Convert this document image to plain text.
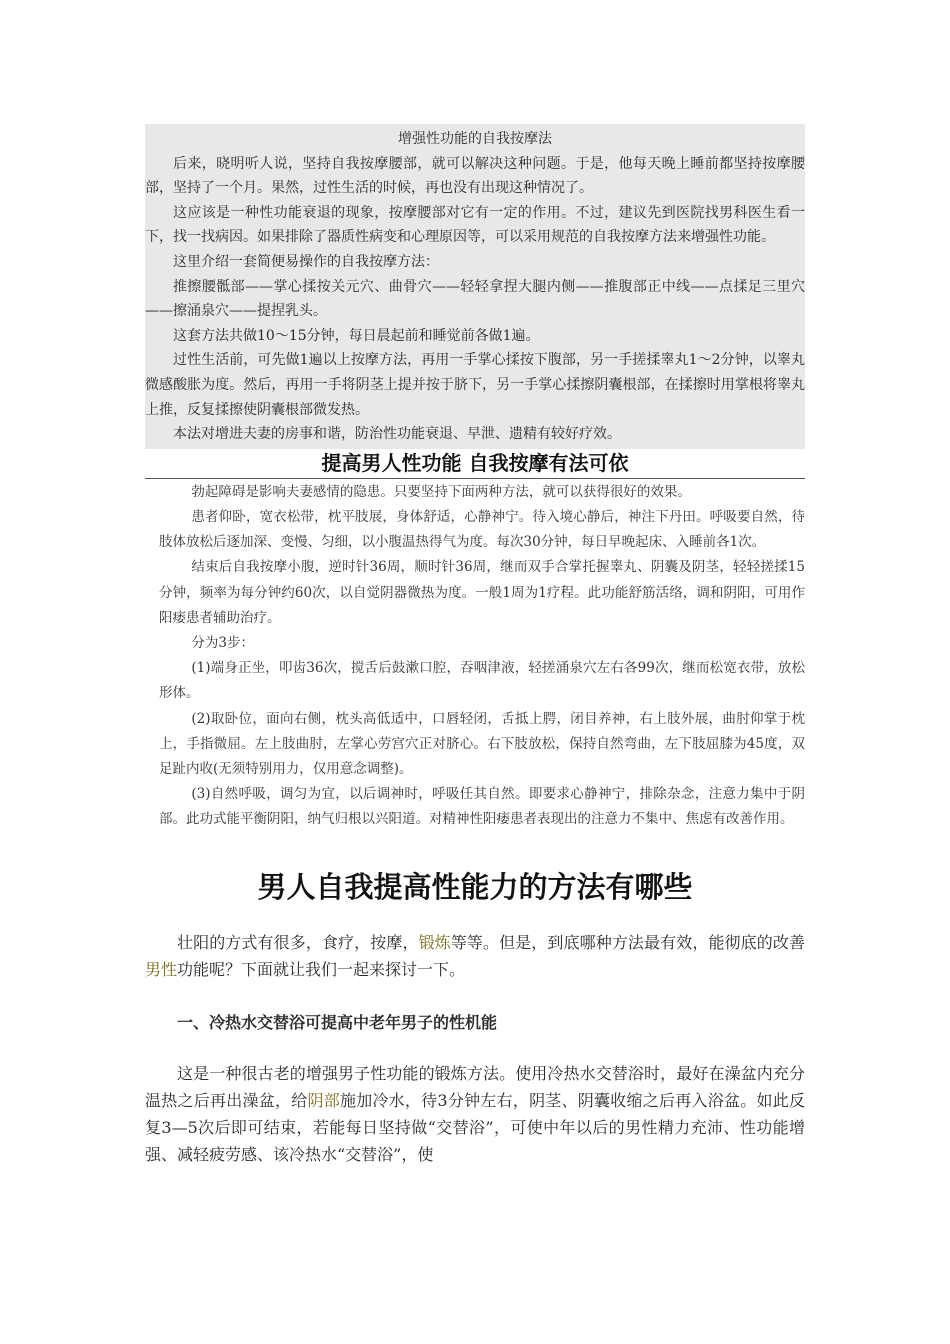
增强性功能的自我按摩法

后来，晓明听人说，坚持自我按摩腰部，就可以解决这种问题。于是，他每天晚上睡前都坚持按摩腰部，坚持了一个月。果然，过性生活的时候，再也没有出现这种情况了。

这应该是一种性功能衰退的现象，按摩腰部对它有一定的作用。不过，建议先到医院找男科医生看一下，找一找病因。如果排除了器质性病变和心理原因等，可以采用规范的自我按摩方法来增强性功能。

这里介绍一套简便易操作的自我按摩方法：

推擦腰骶部——掌心揉按关元穴、曲骨穴——轻轻拿捏大腿内侧——推腹部正中线——点揉足三里穴——擦涌泉穴——提捏乳头。

这套方法共做10～15分钟，每日晨起前和睡觉前各做1遍。

过性生活前，可先做1遍以上按摩方法，再用一手掌心揉按下腹部，另一手搓揉睾丸1～2分钟，以睾丸微感酸胀为度。然后，再用一手将阴茎上提并按于脐下，另一手掌心揉擦阴囊根部，在揉擦时用掌根将睾丸上推，反复揉擦使阴囊根部微发热。

本法对增进夫妻的房事和谐，防治性功能衰退、早泄、遗精有较好疗效。

提高男人性功能 自我按摩有法可依

勃起障碍是影响夫妻感情的隐患。只要坚持下面两种方法，就可以获得很好的效果。

患者仰卧，宽衣松带，枕平肢展，身体舒适，心静神宁。待入境心静后，神注下丹田。呼吸要自然，待肢体放松后逐加深、变慢、匀细，以小腹温热得气为度。每次30分钟，每日早晚起床、入睡前各1次。

结束后自我按摩小腹，逆时针36周，顺时针36周，继而双手合掌托握睾丸、阴囊及阴茎，轻轻搓揉15分钟，频率为每分钟约60次，以自觉阴器微热为度。一般1周为1疗程。此功能舒筋活络，调和阴阳，可用作阳痿患者辅助治疗。

分为3步：

(1)端身正坐，叩齿36次，搅舌后鼓漱口腔，吞咽津液，轻搓涌泉穴左右各99次，继而松宽衣带，放松形体。

(2)取卧位，面向右侧，枕头高低适中，口唇轻闭，舌抵上腭，闭目养神，右上肢外展，曲肘仰掌于枕上，手指微屈。左上肢曲肘，左掌心劳宫穴正对脐心。右下肢放松，保持自然弯曲，左下肢屈膝为45度，双足趾内收(无须特别用力，仅用意念调整)。

(3)自然呼吸，调匀为宜，以后调神时，呼吸任其自然。即要求心静神宁，排除杂念，注意力集中于阴部。此功式能平衡阴阳，纳气归根以兴阳道。对精神性阳痿患者表现出的注意力不集中、焦虑有改善作用。

男人自我提高性能力的方法有哪些

壮阳的方式有很多，食疗，按摩，锻炼等等。但是，到底哪种方法最有效，能彻底的改善男性功能呢？下面就让我们一起来探讨一下。

一、冷热水交替浴可提高中老年男子的性机能

这是一种很古老的增强男子性功能的锻炼方法。使用冷热水交替浴时，最好在澡盆内充分温热之后再出澡盆，给阴部施加冷水，待3分钟左右，阴茎、阴囊收缩之后再入浴盆。如此反复3—5次后即可结束，若能每日坚持做“交替浴”，可使中年以后的男性精力充沛、性功能增强、减轻疲劳感、该冷热水“交替浴”，使
